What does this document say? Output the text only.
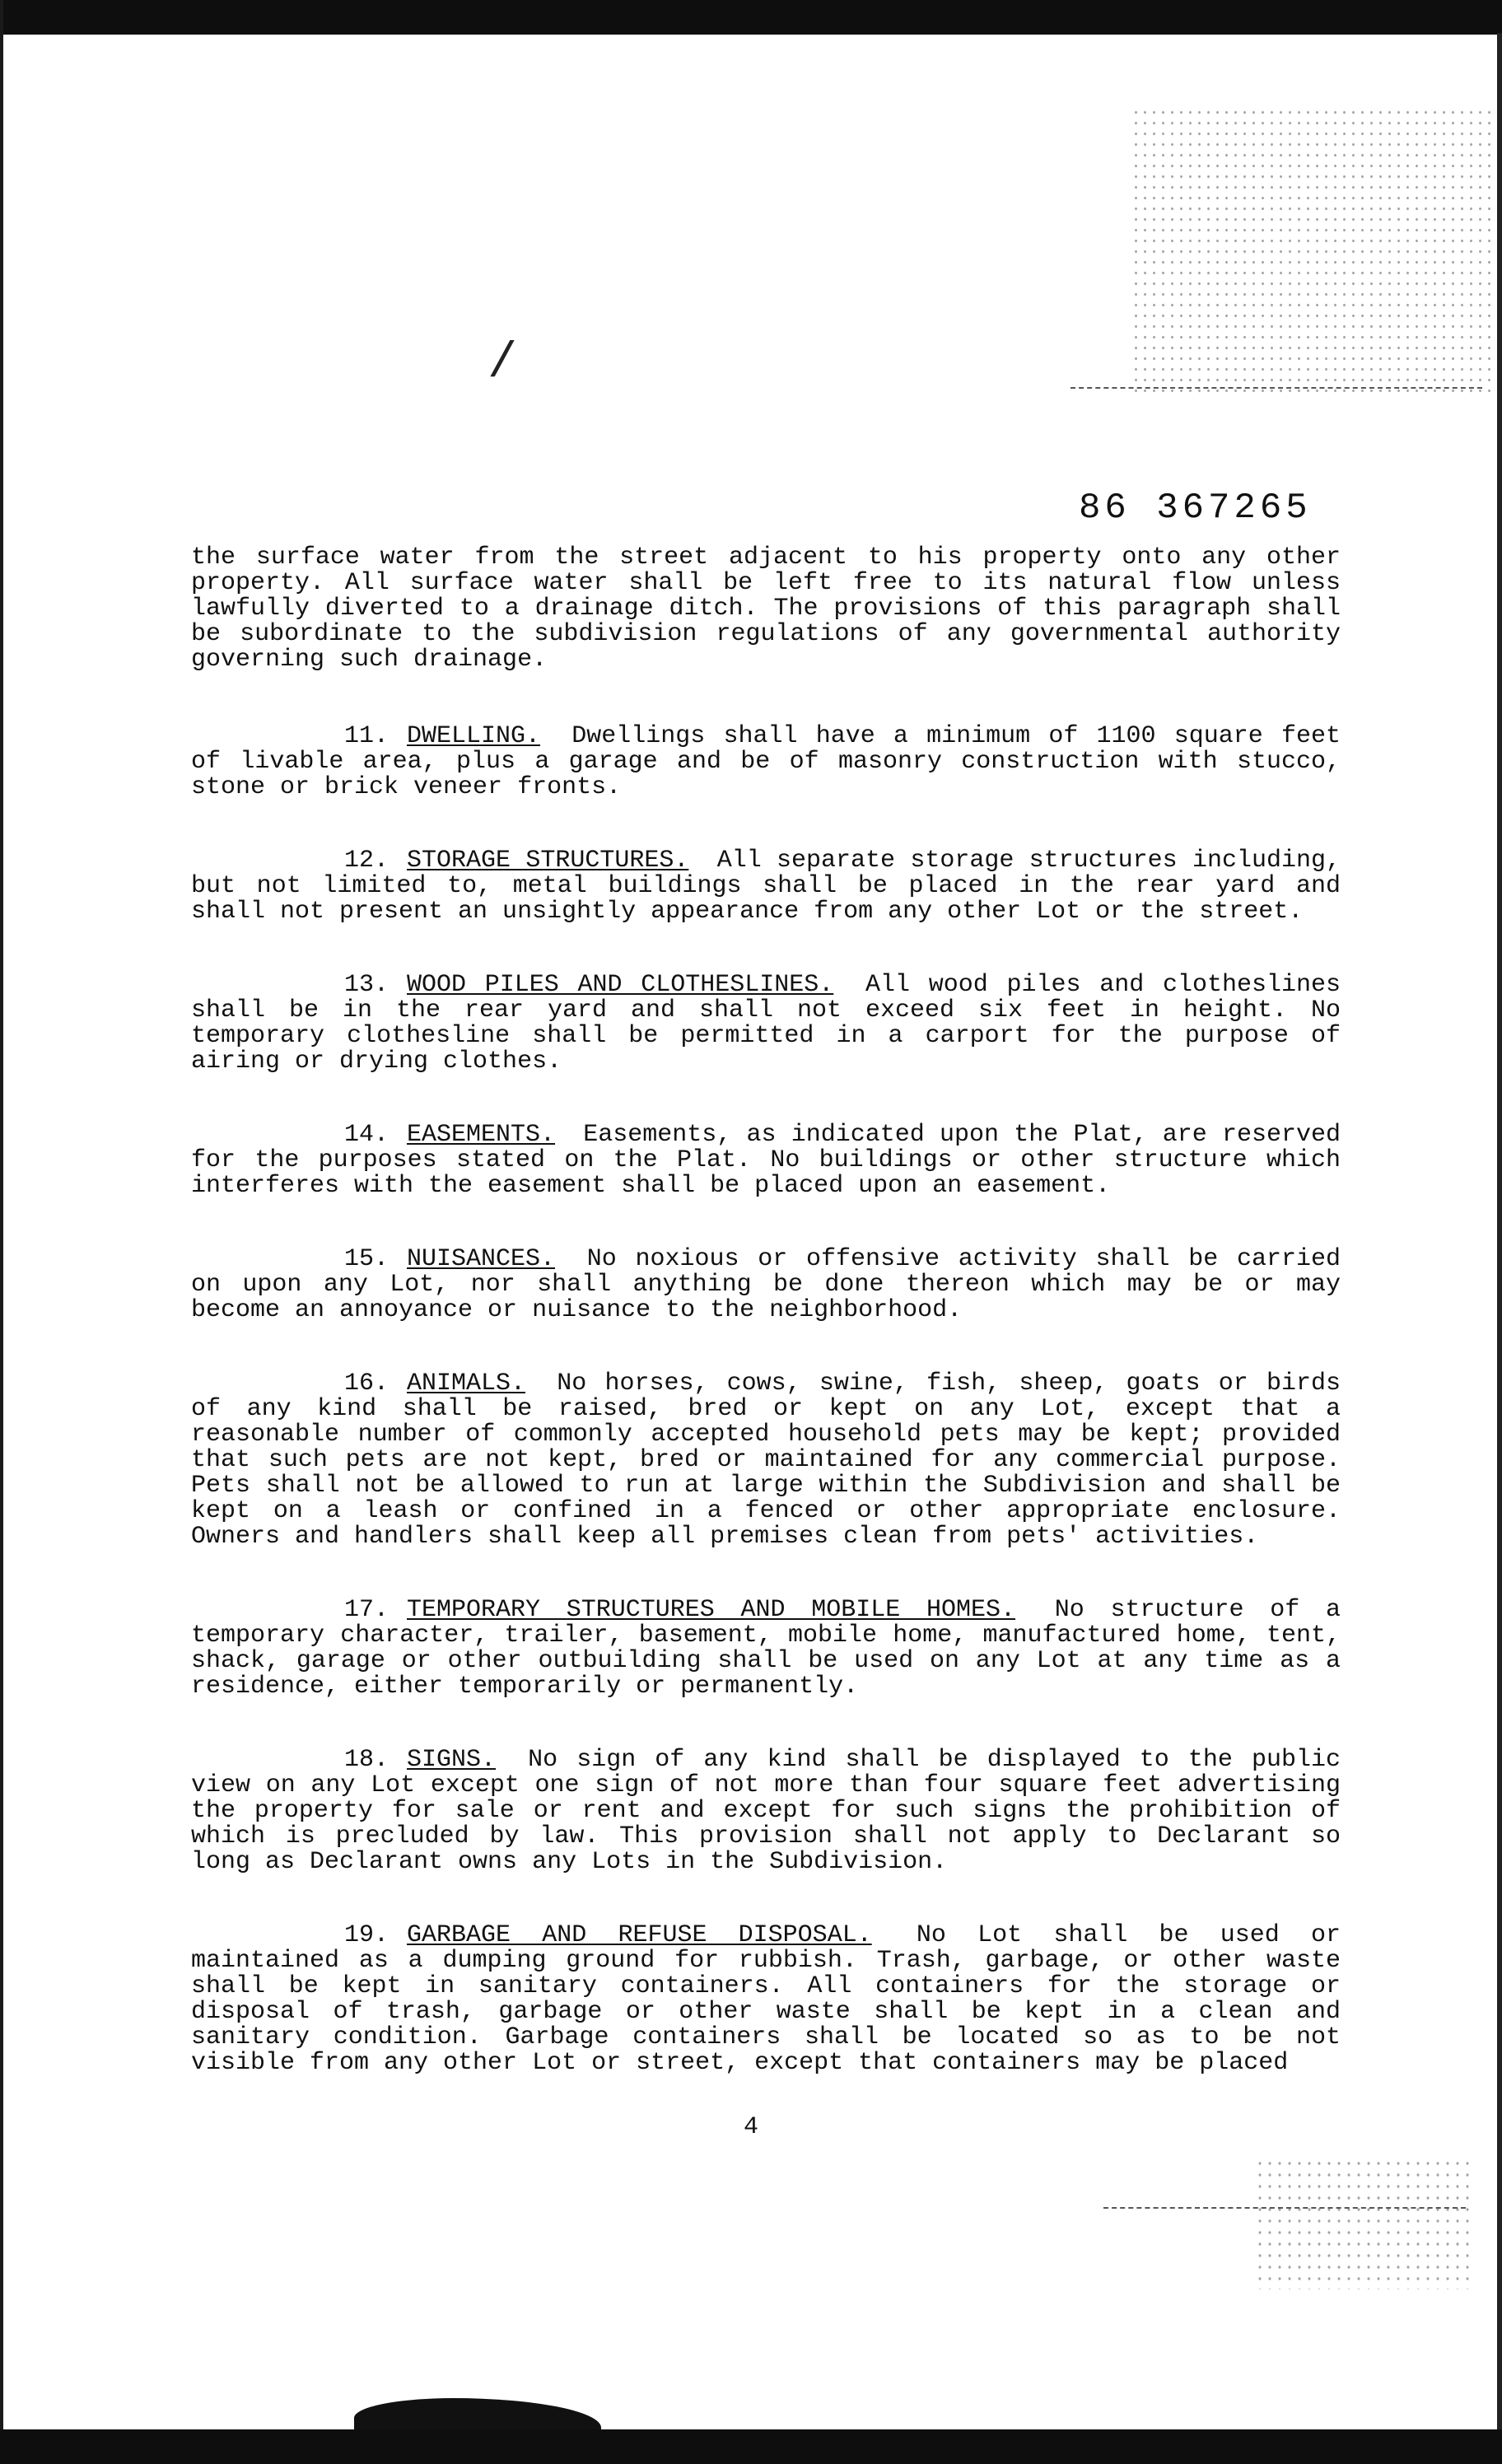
/
86 367265

the surface water from the street adjacent to his property onto any other property. All surface water shall be left free to its natural flow unless lawfully diverted to a drainage ditch. The provisions of this paragraph shall be subordinate to the subdivision regulations of any governmental authority governing such drainage.

11. DWELLING. Dwellings shall have a minimum of 1100 square feet of livable area, plus a garage and be of masonry construction with stucco, stone or brick veneer fronts.

12. STORAGE STRUCTURES. All separate storage structures including, but not limited to, metal buildings shall be placed in the rear yard and shall not present an unsightly appearance from any other Lot or the street.

13. WOOD PILES AND CLOTHESLINES. All wood piles and clotheslines shall be in the rear yard and shall not exceed six feet in height. No temporary clothesline shall be permitted in a carport for the purpose of airing or drying clothes.

14. EASEMENTS. Easements, as indicated upon the Plat, are reserved for the purposes stated on the Plat. No buildings or other structure which interferes with the easement shall be placed upon an easement.

15. NUISANCES. No noxious or offensive activity shall be carried on upon any Lot, nor shall anything be done thereon which may be or may become an annoyance or nuisance to the neighborhood.

16. ANIMALS. No horses, cows, swine, fish, sheep, goats or birds of any kind shall be raised, bred or kept on any Lot, except that a reasonable number of commonly accepted household pets may be kept; provided that such pets are not kept, bred or maintained for any commercial purpose. Pets shall not be allowed to run at large within the Subdivision and shall be kept on a leash or confined in a fenced or other appropriate enclosure. Owners and handlers shall keep all premises clean from pets' activities.

17. TEMPORARY STRUCTURES AND MOBILE HOMES. No structure of a temporary character, trailer, basement, mobile home, manufactured home, tent, shack, garage or other outbuilding shall be used on any Lot at any time as a residence, either temporarily or permanently.

18. SIGNS. No sign of any kind shall be displayed to the public view on any Lot except one sign of not more than four square feet advertising the property for sale or rent and except for such signs the prohibition of which is precluded by law. This provision shall not apply to Declarant so long as Declarant owns any Lots in the Subdivision.

19. GARBAGE AND REFUSE DISPOSAL. No Lot shall be used or maintained as a dumping ground for rubbish. Trash, garbage, or other waste shall be kept in sanitary containers. All containers for the storage or disposal of trash, garbage or other waste shall be kept in a clean and sanitary condition. Garbage containers shall be located so as to be not visible from any other Lot or street, except that containers may be placed

4
